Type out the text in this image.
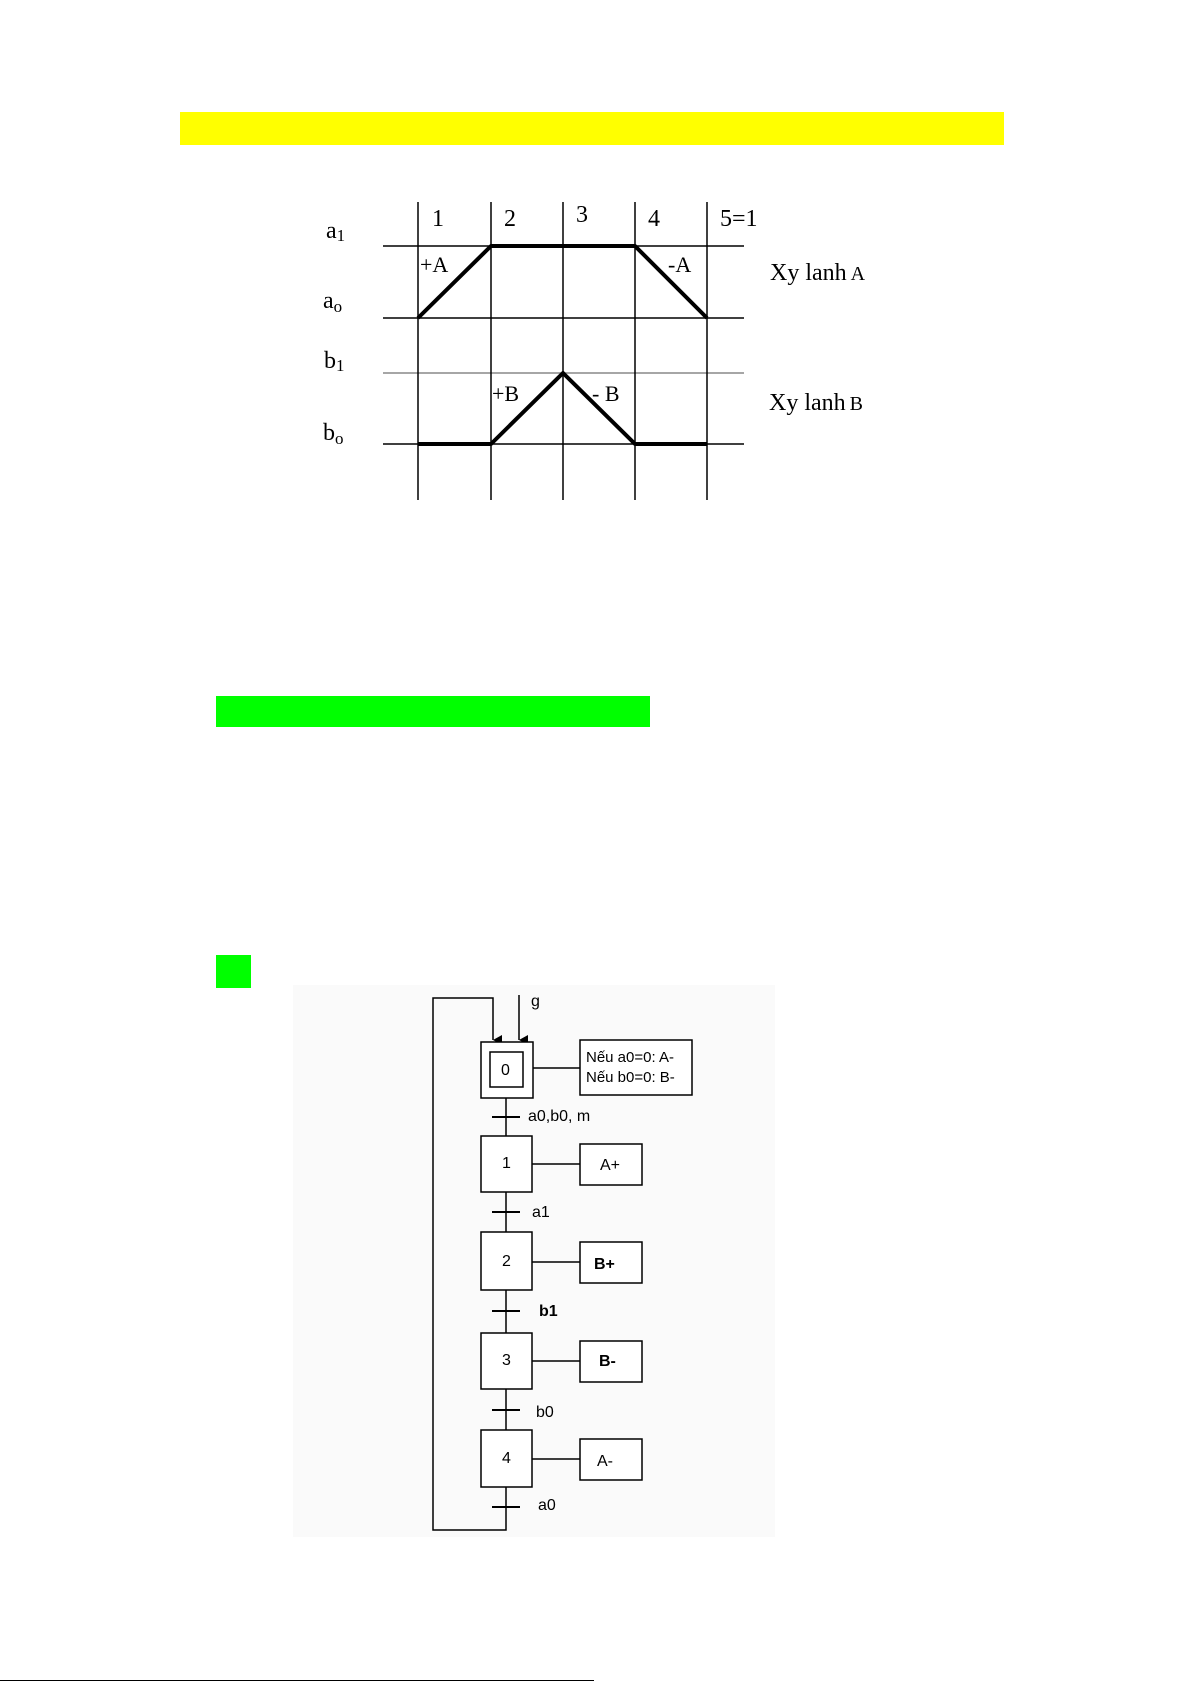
1	2	3	4	5=1
a1
ao
b1
bo
+A	-A
+B	- B
Xy lanh A
Xy lanh B
g
0
Nếu a0=0: A-
Nếu b0=0: B-
1
2
3
4
A+
B+
B-
A-
a0,b0, m
a1
b1
b0
a0
